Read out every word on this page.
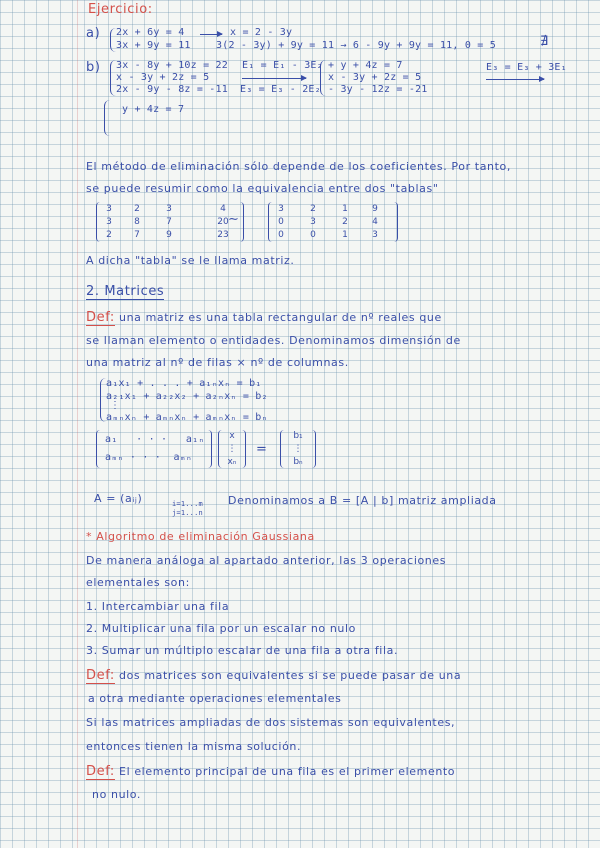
Ejercicio:
a) 2x + 6y = 4
3x + 9y = 11
x = 2 - 3y
3(2 - 3y) + 9y = 11 → 6 - 9y + 9y = 11, 0 = 5	∄
b) 3x - 8y + 10z = 22
x - 3y + 2z = 5
2x - 9y - 8z = -11
E₁ = E₁ - 3E₂
E₃ = E₃ - 2E₂
+ y + 4z = 7
x - 3y + 2z = 5
- 3y - 12z = -21
E₃ = E₃ + 3E₁
y + 4z = 7
El método de eliminación sólo depende de los coeficientes. Por tanto,
se puede resumir como la equivalencia entre dos "tablas"
3
3
2
2
8
7
3
7
9
4
20
23
∼
3
0
0
2
3
0
1
2
1
9
4
3
A dicha "tabla" se le llama matriz.
2. Matrices
Def: una matriz es una tabla rectangular de nº reales que
se llaman elemento o entidades. Denominamos dimensión de
una matriz al nº de filas × nº de columnas.
a₁x₁ + . . . + a₁ₙxₙ = b₁
a₂₁x₁ + a₂₂x₂ + a₂ₙxₙ = b₂
⋮
aₘₙxₙ + aₘₙxₙ + aₘₙxₙ = bₙ
a₁ · · · a₁ₙ
aₘₙ · · · aₘₙ
x
⋮
xₙ
=
b₁
⋮
bₙ
A = (aᵢⱼ)	i=1...m
j=1...n
Denominamos a B = [A | b] matriz ampliada
* Algoritmo de eliminación Gaussiana
De manera análoga al apartado anterior, las 3 operaciones
elementales son:
1. Intercambiar una fila
2. Multiplicar una fila por un escalar no nulo
3. Sumar un múltiplo escalar de una fila a otra fila.
Def: dos matrices son equivalentes si se puede pasar de una
a otra mediante operaciones elementales
Si las matrices ampliadas de dos sistemas son equivalentes,
entonces tienen la misma solución.
Def: El elemento principal de una fila es el primer elemento
no nulo.
